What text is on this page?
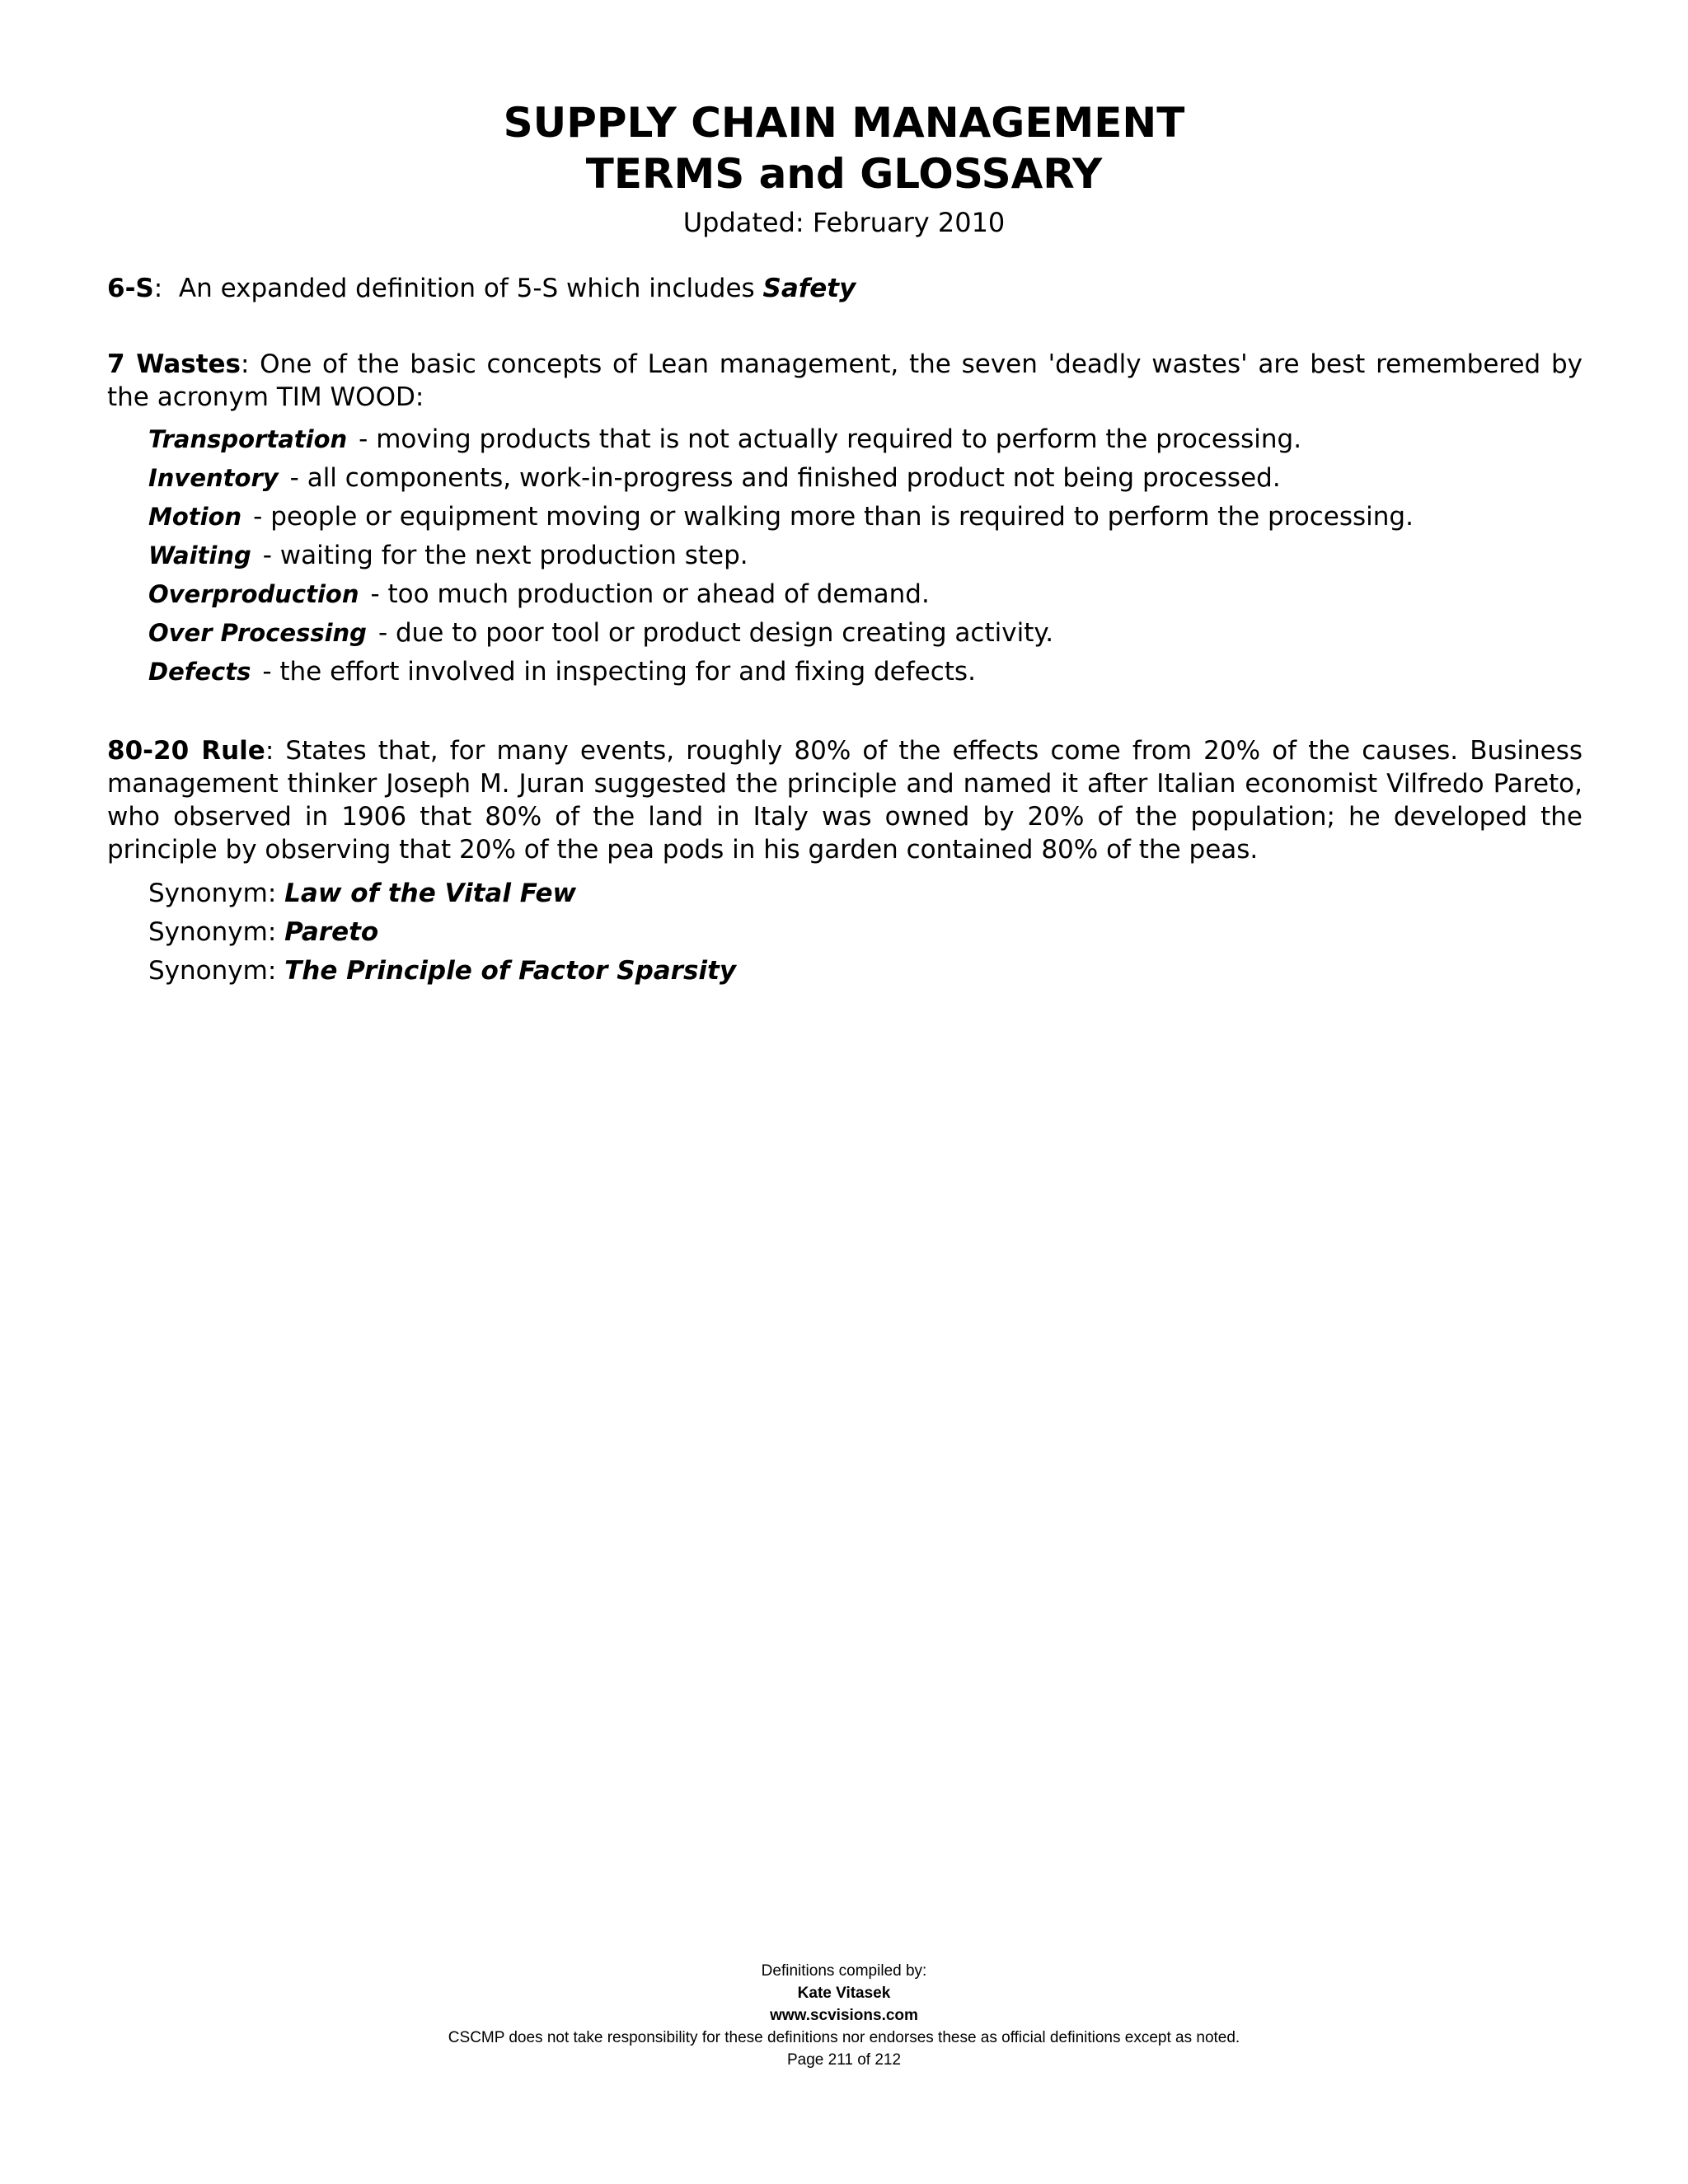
SUPPLY CHAIN MANAGEMENT
TERMS and GLOSSARY
Updated: February 2010

6-S:  An expanded definition of 5-S which includes Safety

7 Wastes: One of the basic concepts of Lean management, the seven 'deadly wastes' are best remembered by the acronym TIM WOOD:

Transportation - moving products that is not actually required to perform the processing.
Inventory - all components, work-in-progress and finished product not being processed.
Motion - people or equipment moving or walking more than is required to perform the processing.
Waiting - waiting for the next production step.
Overproduction - too much production or ahead of demand.
Over Processing - due to poor tool or product design creating activity.
Defects - the effort involved in inspecting for and fixing defects.

80-20 Rule: States that, for many events, roughly 80% of the effects come from 20% of the causes. Business management thinker Joseph M. Juran suggested the principle and named it after Italian economist Vilfredo Pareto, who observed in 1906 that 80% of the land in Italy was owned by 20% of the population; he developed the principle by observing that 20% of the pea pods in his garden contained 80% of the peas.

Synonym: Law of the Vital Few
Synonym: Pareto
Synonym: The Principle of Factor Sparsity
Definitions compiled by:
Kate Vitasek
www.scvisions.com
CSCMP does not take responsibility for these definitions nor endorses these as official definitions except as noted.
Page 211 of 212
